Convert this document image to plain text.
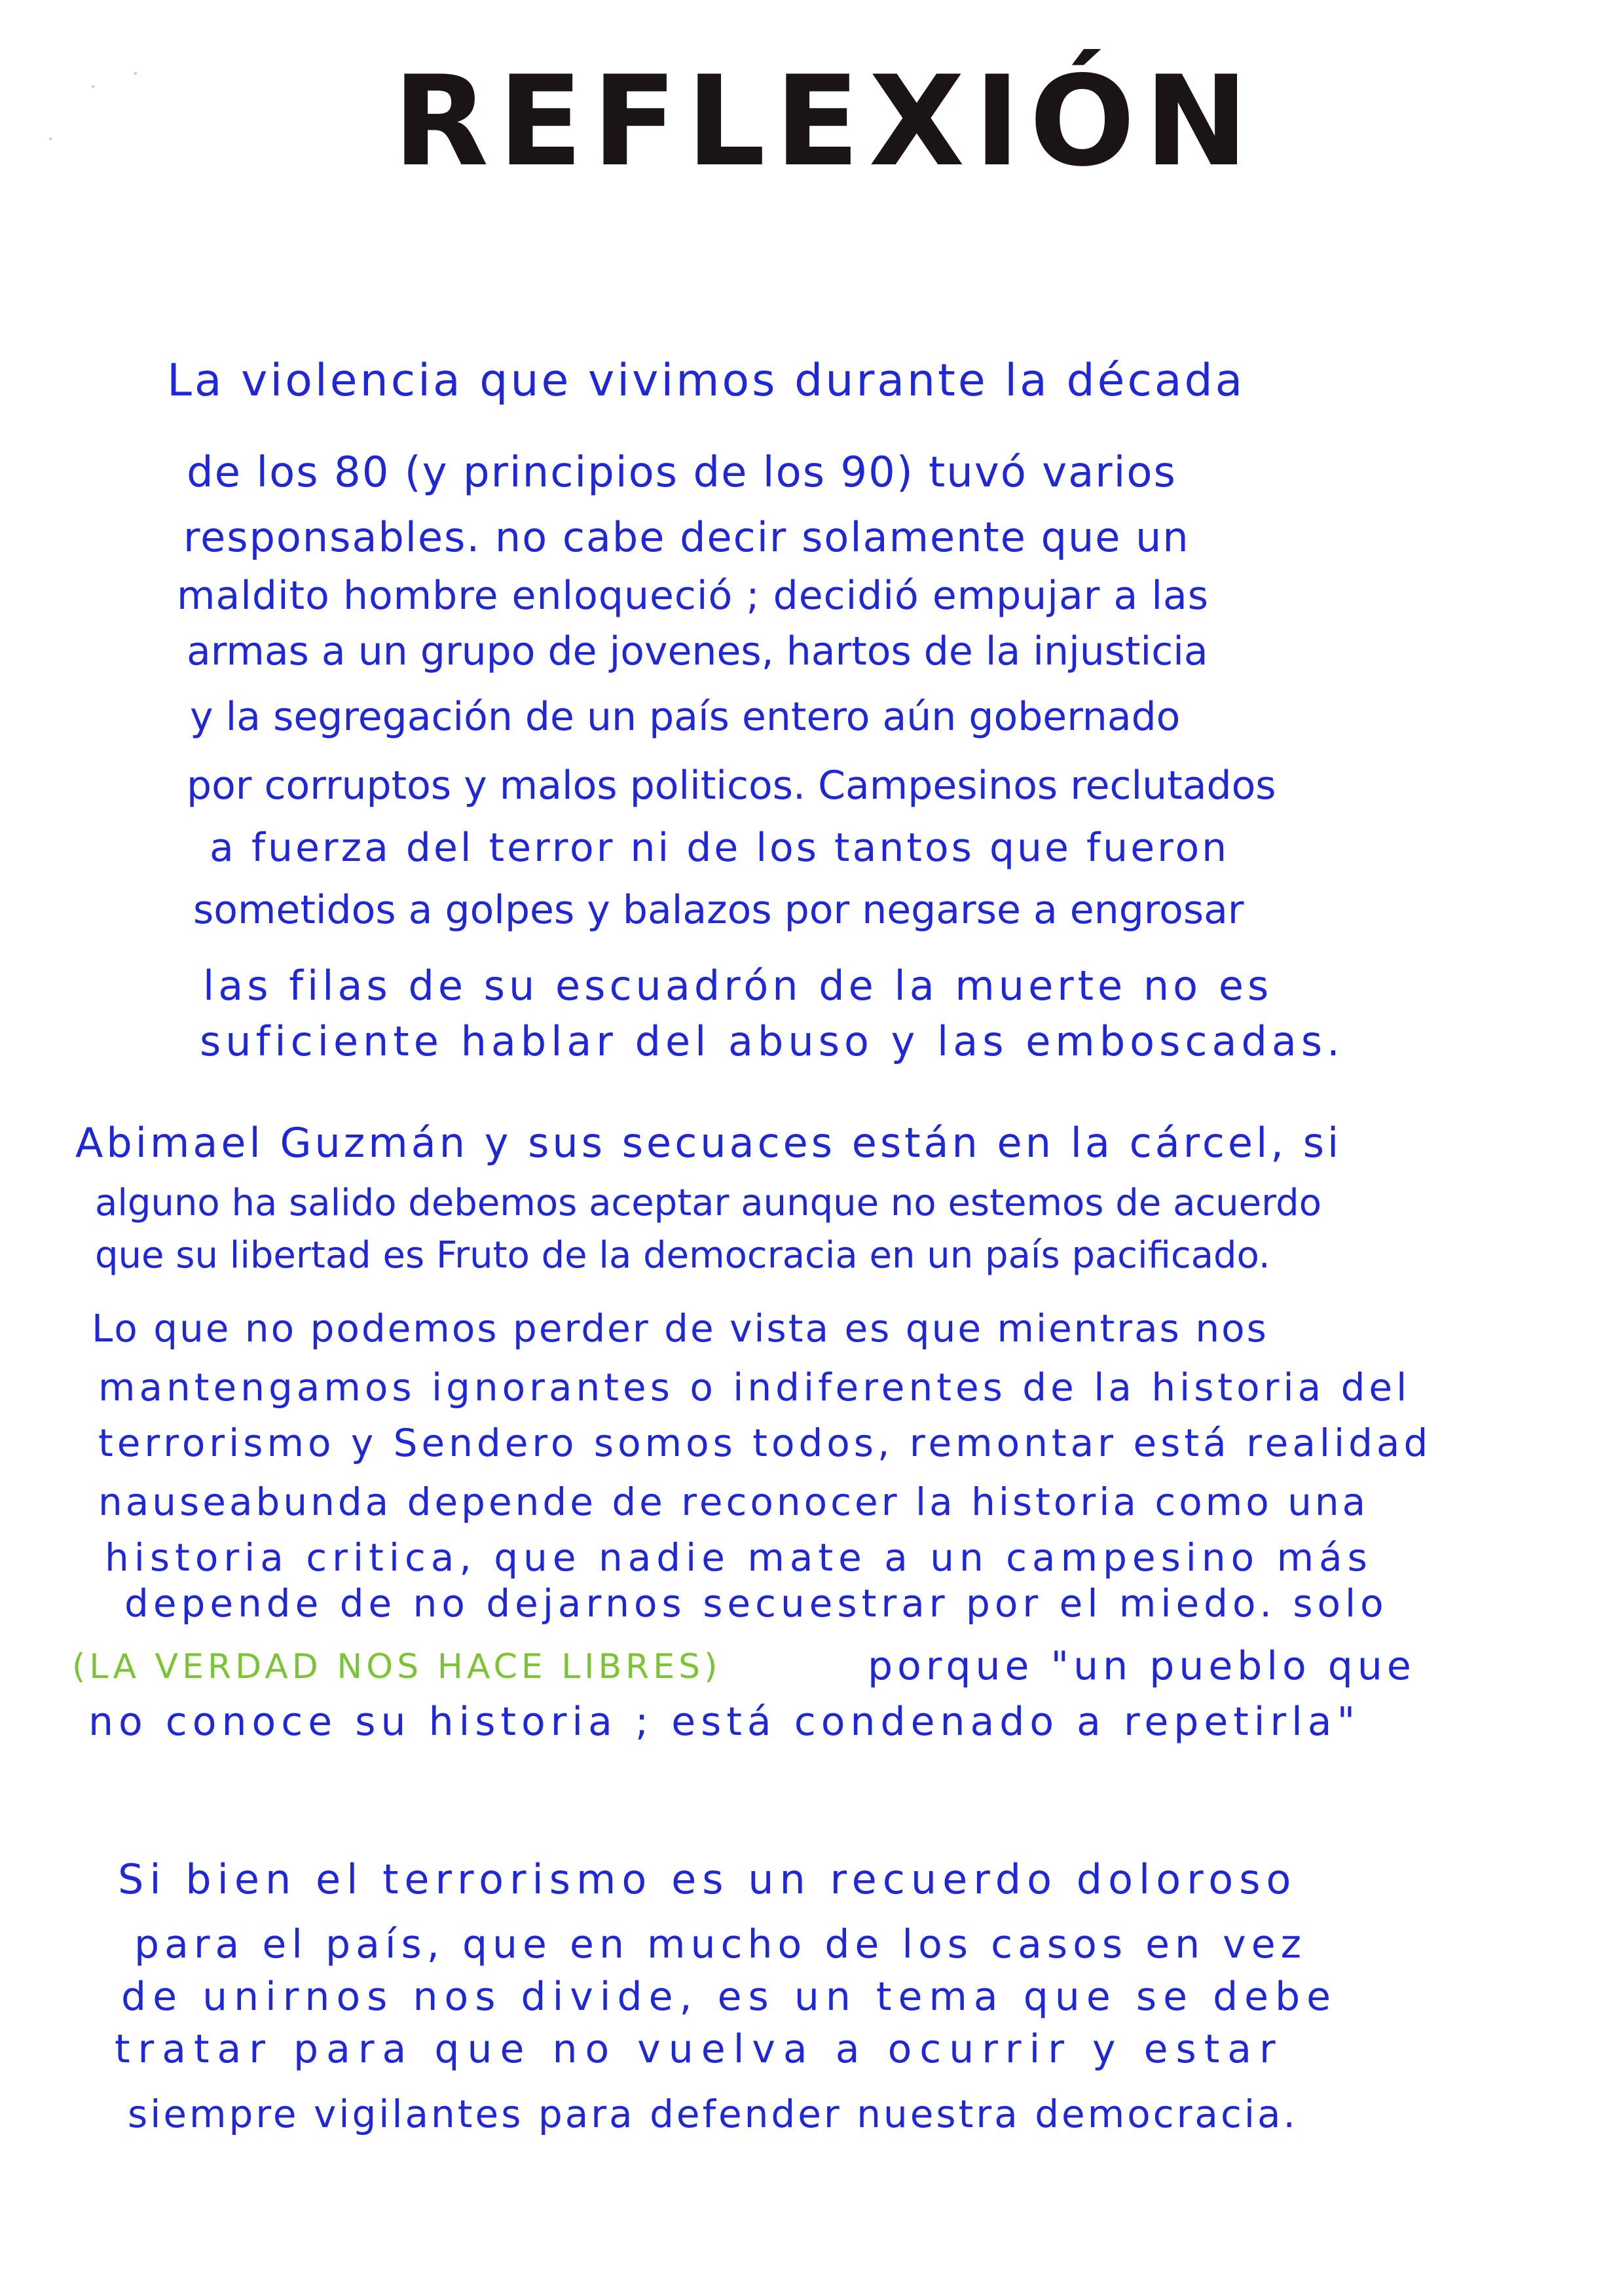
REFLEXIÓN
La violencia que vivimos durante la década
de los 80 (y principios de los 90) tuvó varios
responsables. no cabe decir solamente que un
maldito hombre enloqueció ; decidió empujar a las
armas a un grupo de jovenes, hartos de la injusticia
y la segregación de un país entero aún gobernado
por corruptos y malos politicos. Campesinos reclutados
a fuerza del terror ni de los tantos que fueron
sometidos a golpes y balazos por negarse a engrosar
las filas de su escuadrón de la muerte no es
suficiente hablar del abuso y las emboscadas.
Abimael Guzmán y sus secuaces están en la cárcel, si
alguno ha salido debemos aceptar aunque no estemos de acuerdo
que su libertad es Fruto de la democracia en un país pacificado.
Lo que no podemos perder de vista es que mientras nos
mantengamos ignorantes o indiferentes de la historia del
terrorismo y Sendero somos todos, remontar está realidad
nauseabunda depende de reconocer la historia como una
historia critica, que nadie mate a un campesino más
depende de no dejarnos secuestrar por el miedo. solo
(LA VERDAD NOS HACE LIBRES)	porque "un pueblo que
no conoce su historia ; está condenado a repetirla"
Si bien el terrorismo es un recuerdo doloroso
para el país, que en mucho de los casos en vez
de unirnos nos divide, es un tema que se debe
tratar para que no vuelva a ocurrir y estar
siempre vigilantes para defender nuestra democracia.
